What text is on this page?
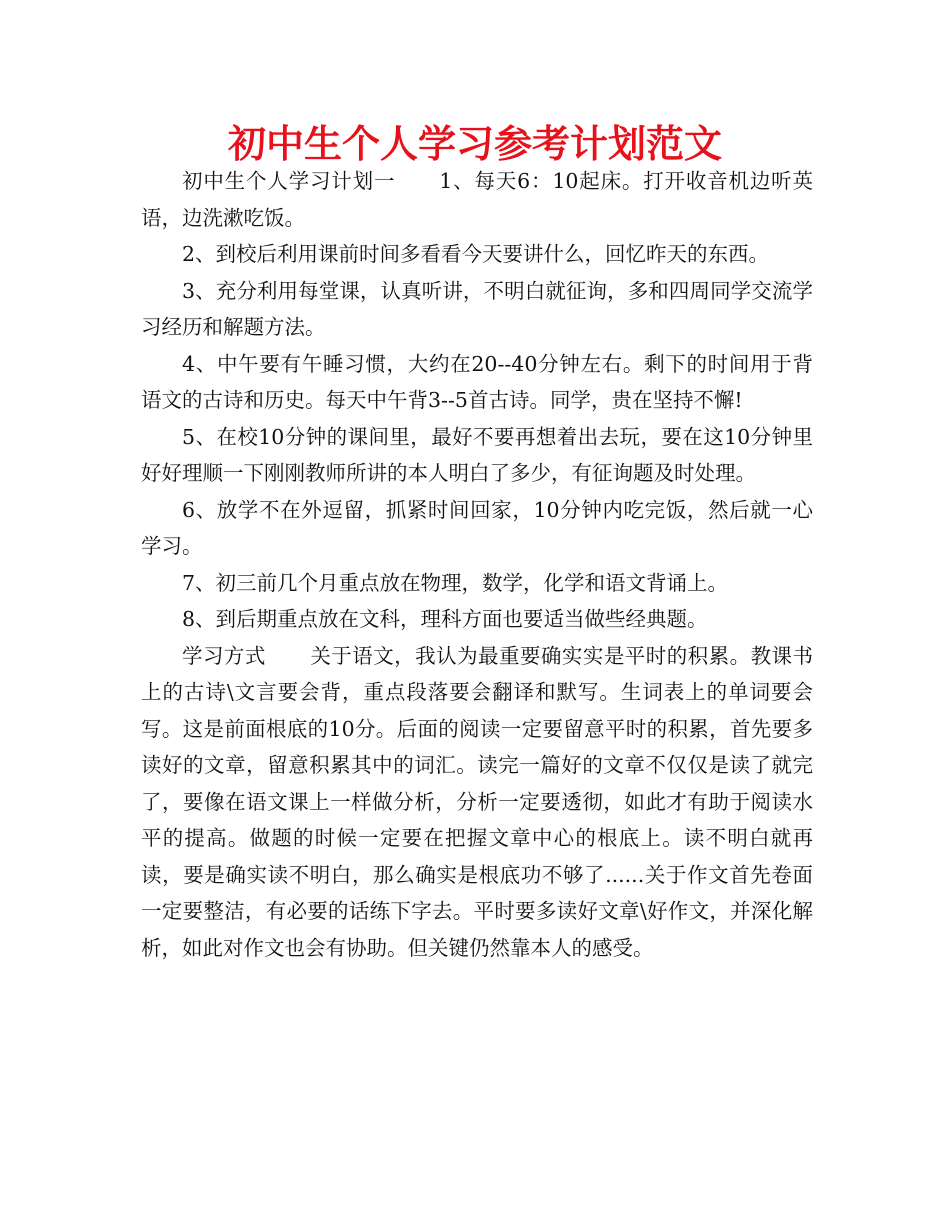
初中生个人学习参考计划范文

初中生个人学习计划一 1、每天6：10起床。打开收音机边听英语，边洗漱吃饭。

2、到校后利用课前时间多看看今天要讲什么，回忆昨天的东西。

3、充分利用每堂课，认真听讲，不明白就征询，多和四周同学交流学习经历和解题方法。

4、中午要有午睡习惯，大约在20--40分钟左右。剩下的时间用于背语文的古诗和历史。每天中午背3--5首古诗。同学，贵在坚持不懈!

5、在校10分钟的课间里，最好不要再想着出去玩，要在这10分钟里好好理顺一下刚刚教师所讲的本人明白了多少，有征询题及时处理。

6、放学不在外逗留，抓紧时间回家，10分钟内吃完饭，然后就一心学习。

7、初三前几个月重点放在物理，数学，化学和语文背诵上。

8、到后期重点放在文科，理科方面也要适当做些经典题。

学习方式 关于语文，我认为最重要确实实是平时的积累。教课书上的古诗\文言要会背，重点段落要会翻译和默写。生词表上的单词要会写。这是前面根底的10分。后面的阅读一定要留意平时的积累，首先要多读好的文章，留意积累其中的词汇。读完一篇好的文章不仅仅是读了就完了，要像在语文课上一样做分析，分析一定要透彻，如此才有助于阅读水平的提高。做题的时候一定要在把握文章中心的根底上。读不明白就再读，要是确实读不明白，那么确实是根底功不够了......关于作文首先卷面一定要整洁，有必要的话练下字去。平时要多读好文章\好作文，并深化解析，如此对作文也会有协助。但关键仍然靠本人的感受。
